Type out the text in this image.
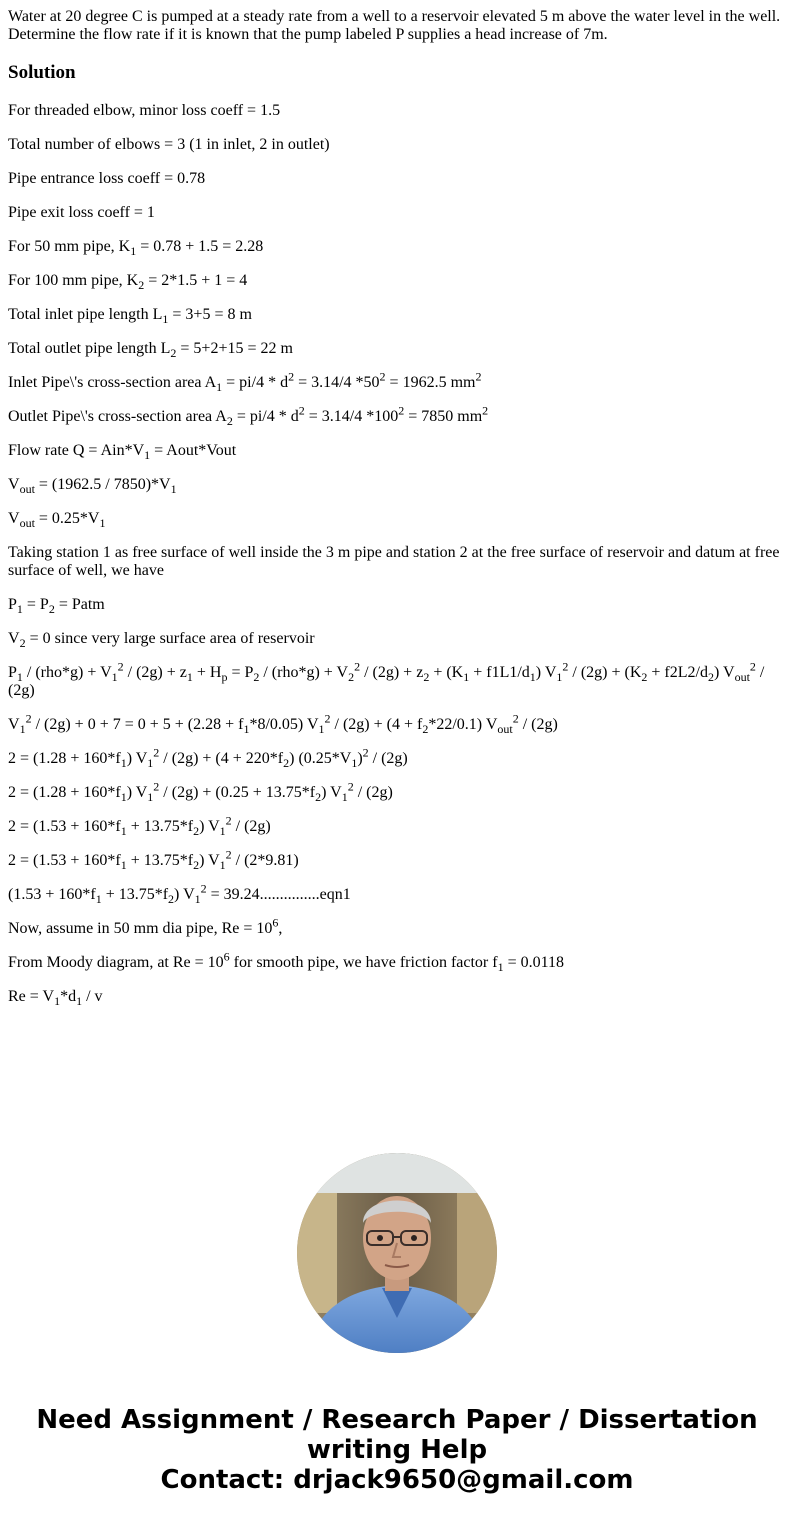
Water at 20 degree C is pumped at a steady rate from a well to a reservoir elevated 5 m above the water level in the well. Determine the flow rate if it is known that the pump labeled P supplies a head increase of 7m.

Solution

For threaded elbow, minor loss coeff = 1.5

Total number of elbows = 3 (1 in inlet, 2 in outlet)

Pipe entrance loss coeff = 0.78

Pipe exit loss coeff = 1

For 50 mm pipe, $K_1 = 0.78 + 1.5 = 2.28$

For 100 mm pipe, $K_2 = 2*1.5 + 1 = 4$

Total inlet pipe length $L_1 = 3+5 = 8$ m

Total outlet pipe length $L_2 = 5+2+15 = 22$ m

Inlet Pipe\'s cross-section area $A_1 = pi/4 * d^2 = 3.14/4$ $*50^2 = 1962.5$ $mm^2$

Outlet Pipe\'s cross-section area $A_2 = pi/4 * d^2 = 3.14/4$ $*100^2 = 7850$ $mm^2$

Flow rate $Q = Ain*V_1$ = Aout*Vout

$V_{out} = (1962.5 / 7850)*V_1$

$V_{out} = 0.25*V_1$

Taking station 1 as free surface of well inside the 3 m pipe and station 2 at the free surface of reservoir and datum at free surface of well, we have

$P_1 = P_2$ = Patm

$V_2 = 0$ since very large surface area of reservoir

$P_1 / (rho*g) + V_1^2 / (2g) + z_1 + H_p = P_2 / (rho*g) + V_2^2 / (2g) + z_2 + (K_1 + f1L1/d_1)$ $V_1^2 / (2g) + (K_2 + f2L2/d_2)$ $V_{out}^2 / (2g)$

$V_1^2 / (2g) + 0 + 7 = 0 + 5 + (2.28 + f_1*8/0.05)$ $V_1^2 / (2g) + (4 + f_2*22/0.1)$ $V_{out}^2 / (2g)$

$2 = (1.28 + 160*f_1)$ $V_1^2 / (2g) + (4 + 220*f_2)$ $(0.25*V_1)^2 / (2g)$

$2 = (1.28 + 160*f_1)$ $V_1^2 / (2g) + (0.25 + 13.75*f_2)$ $V_1^2 / (2g)$

$2 = (1.53 + 160*f_1 + 13.75*f_2)$ $V_1^2 / (2g)$

$2 = (1.53 + 160*f_1 + 13.75*f_2)$ $V_1^2 / (2*9.81)$

$(1.53 + 160*f_1 + 13.75*f_2)$ $V_1^2 = 39.24...............eqn1$

Now, assume in 50 mm dia pipe, $Re = 10^6$,

From Moody diagram, at $Re = 10^6$ for smooth pipe, we have friction factor $f_1 = 0.0118$

$Re = V_1*d_1 / v$

Need Assignment / Research Paper / Dissertation
writing Help
Contact: drjack9650@gmail.com
